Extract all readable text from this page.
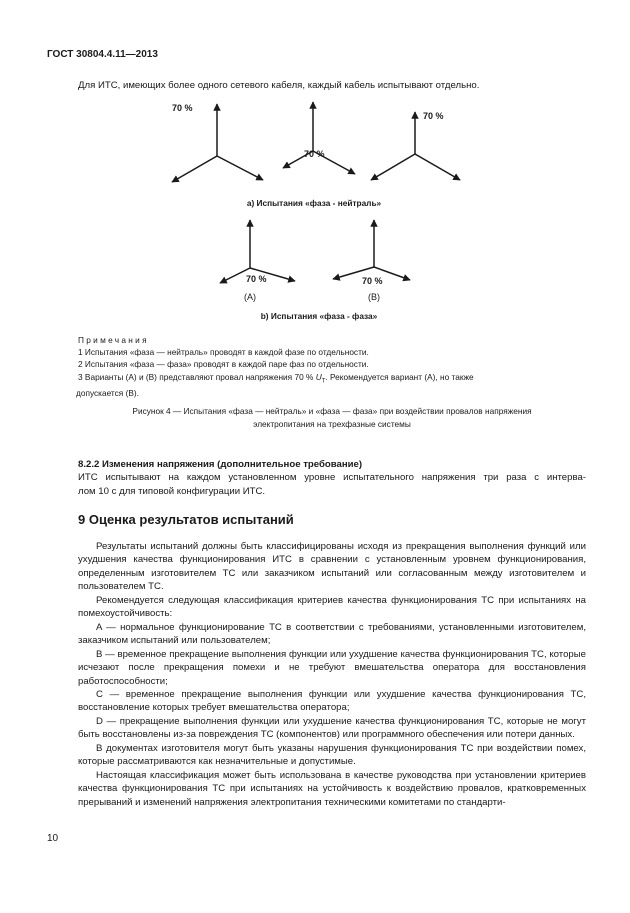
ГОСТ 30804.4.11—2013
Для ИТС, имеющих более одного сетевого кабеля, каждый кабель испытывают отдельно.
70 %
70 %
70 %
a) Испытания «фаза - нейтраль»
70 %	70 %
(A)	(B)
b) Испытания «фаза - фаза»

Примечания

1 Испытания «фаза — нейтраль» проводят в каждой фазе по отдельности.

2 Испытания «фаза — фаза» проводят в каждой паре фаз по отдельности.

3 Варианты (A) и (B) представляют провал напряжения 70 % $U_T$. Рекомендуется вариант (A), но также

допускается (B).

Рисунок 4 — Испытания «фаза — нейтраль» и «фаза — фаза» при воздействии провалов напряжения

электропитания на трехфазные системы

8.2.2 Изменения напряжения (дополнительное требование)

ИТС испытывают на каждом установленном уровне испытательного напряжения три раза с интерва-

лом 10 с для типовой конфигурации ИТС.

9 Оценка результатов испытаний

Результаты испытаний должны быть классифицированы исходя из прекращения выполнения функций или ухудшения качества функционирования ИТС в сравнении с установленным уровнем функционирования, определенным изготовителем ТС или заказчиком испытаний или согласованным между изготовителем и пользователем ТС.

Рекомендуется следующая классификация критериев качества функционирования ТС при испытаниях на помехоустойчивость:

A — нормальное функционирование ТС в соответствии с требованиями, установленными изготовителем, заказчиком испытаний или пользователем;

B — временное прекращение выполнения функции или ухудшение качества функционирования ТС, которые исчезают после прекращения помехи и не требуют вмешательства оператора для восстановления работоспособности;

C — временное прекращение выполнения функции или ухудшение качества функционирования ТС, восстановление которых требует вмешательства оператора;

D — прекращение выполнения функции или ухудшение качества функционирования ТС, которые не могут быть восстановлены из-за повреждения ТС (компонентов) или программного обеспечения или потери данных.

В документах изготовителя могут быть указаны нарушения функционирования ТС при воздействии помех, которые рассматриваются как незначительные и допустимые.

Настоящая классификация может быть использована в качестве руководства при установлении критериев качества функционирования ТС при испытаниях на устойчивость к воздействию провалов, кратковременных прерываний и изменений напряжения электропитания техническими комитетами по стандарти-

10
